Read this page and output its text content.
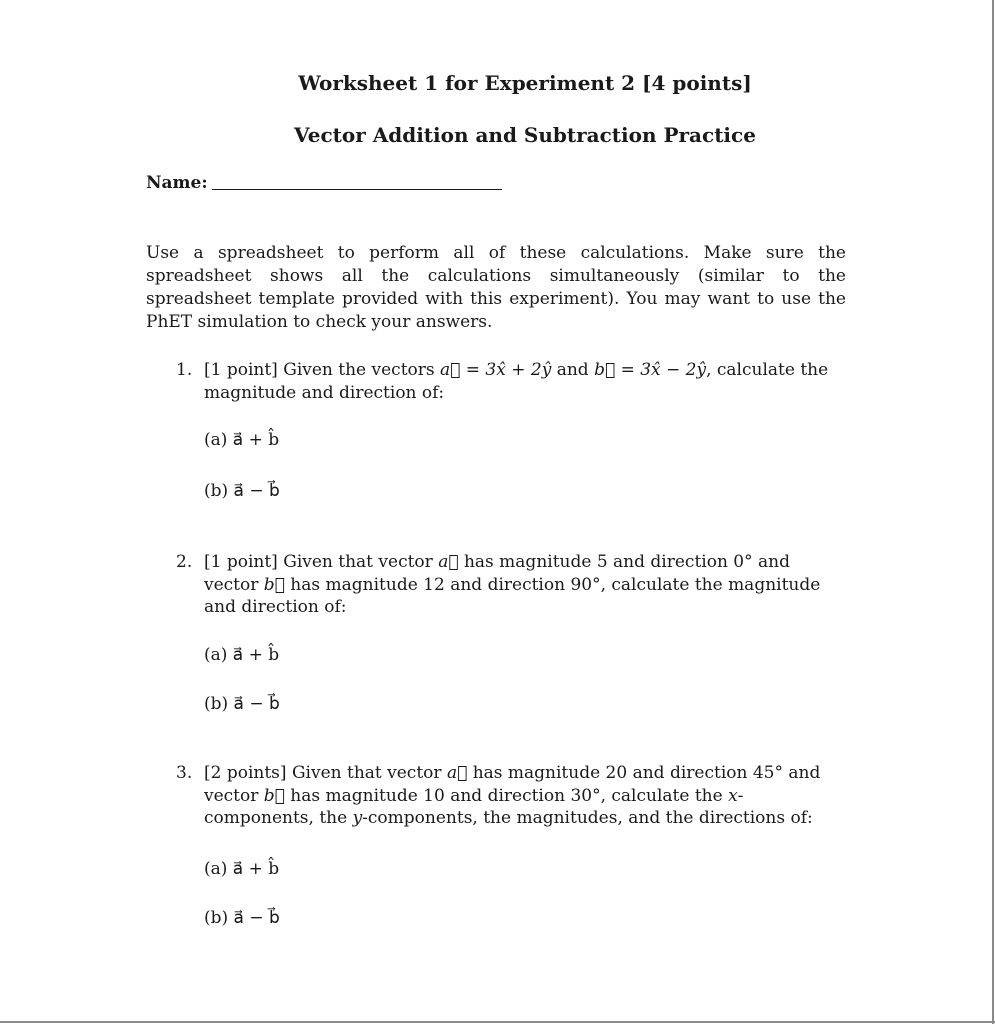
Worksheet 1 for Experiment 2 [4 points]
Vector Addition and Subtraction Practice
Name:
Use a spreadsheet to perform all of these calculations. Make sure the spreadsheet shows all the calculations simultaneously (similar to the spreadsheet template provided with this experiment). You may want to use the PhET simulation to check your answers.
1. [1 point] Given the vectors a⃗ = 3x̂ + 2ŷ and b⃗ = 3x̂ − 2ŷ, calculate the magnitude and direction of:
(a) a⃗ + b̂
(b) a⃗ − b⃗
2. [1 point] Given that vector a⃗ has magnitude 5 and direction 0° and vector b⃗ has magnitude 12 and direction 90°, calculate the magnitude and direction of:
(a) a⃗ + b̂
(b) a⃗ − b⃗
3. [2 points] Given that vector a⃗ has magnitude 20 and direction 45° and vector b⃗ has magnitude 10 and direction 30°, calculate the x-components, the y-components, the magnitudes, and the directions of:
(a) a⃗ + b̂
(b) a⃗ − b⃗
